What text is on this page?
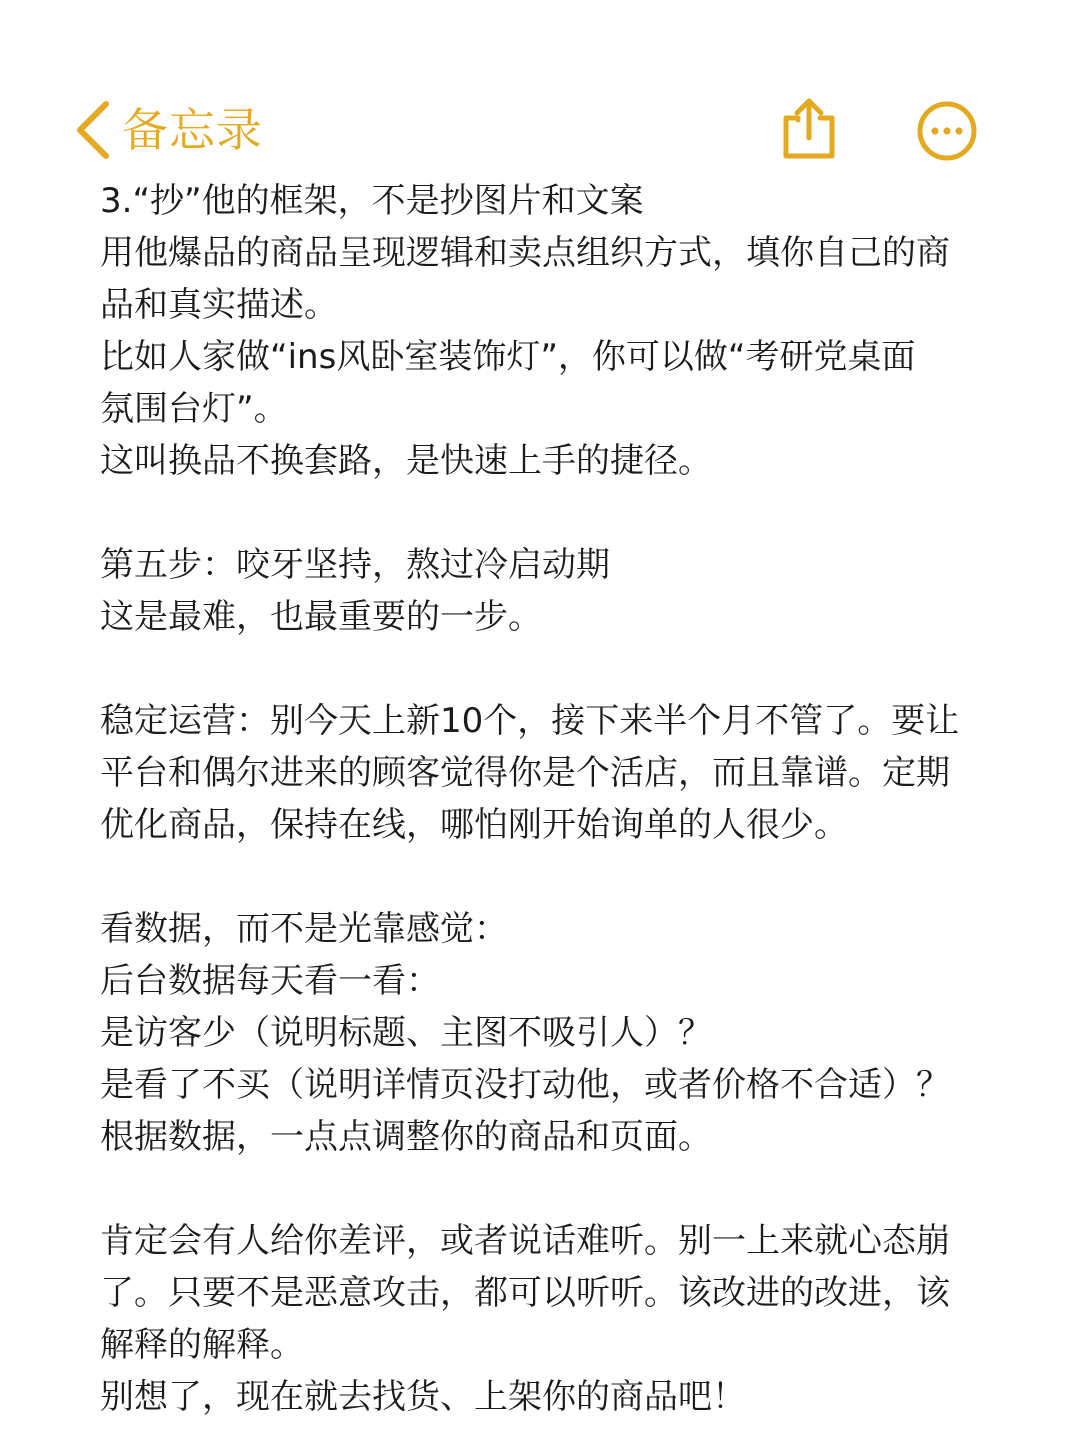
备忘录
3.“抄”他的框架，不是抄图片和文案
用他爆品的商品呈现逻辑和卖点组织方式，填你自己的商
品和真实描述。
比如人家做“ins风卧室装饰灯”，你可以做“考研党桌面
氛围台灯”。
这叫换品不换套路，是快速上手的捷径。
第五步：咬牙坚持，熬过冷启动期
这是最难，也最重要的一步。
稳定运营：别今天上新10个，接下来半个月不管了。要让
平台和偶尔进来的顾客觉得你是个活店，而且靠谱。定期
优化商品，保持在线，哪怕刚开始询单的人很少。
看数据，而不是光靠感觉：
后台数据每天看一看：
是访客少（说明标题、主图不吸引人）？
是看了不买（说明详情页没打动他，或者价格不合适）？
根据数据，一点点调整你的商品和页面。
肯定会有人给你差评，或者说话难听。别一上来就心态崩
了。只要不是恶意攻击，都可以听听。该改进的改进，该
解释的解释。
别想了，现在就去找货、上架你的商品吧！
